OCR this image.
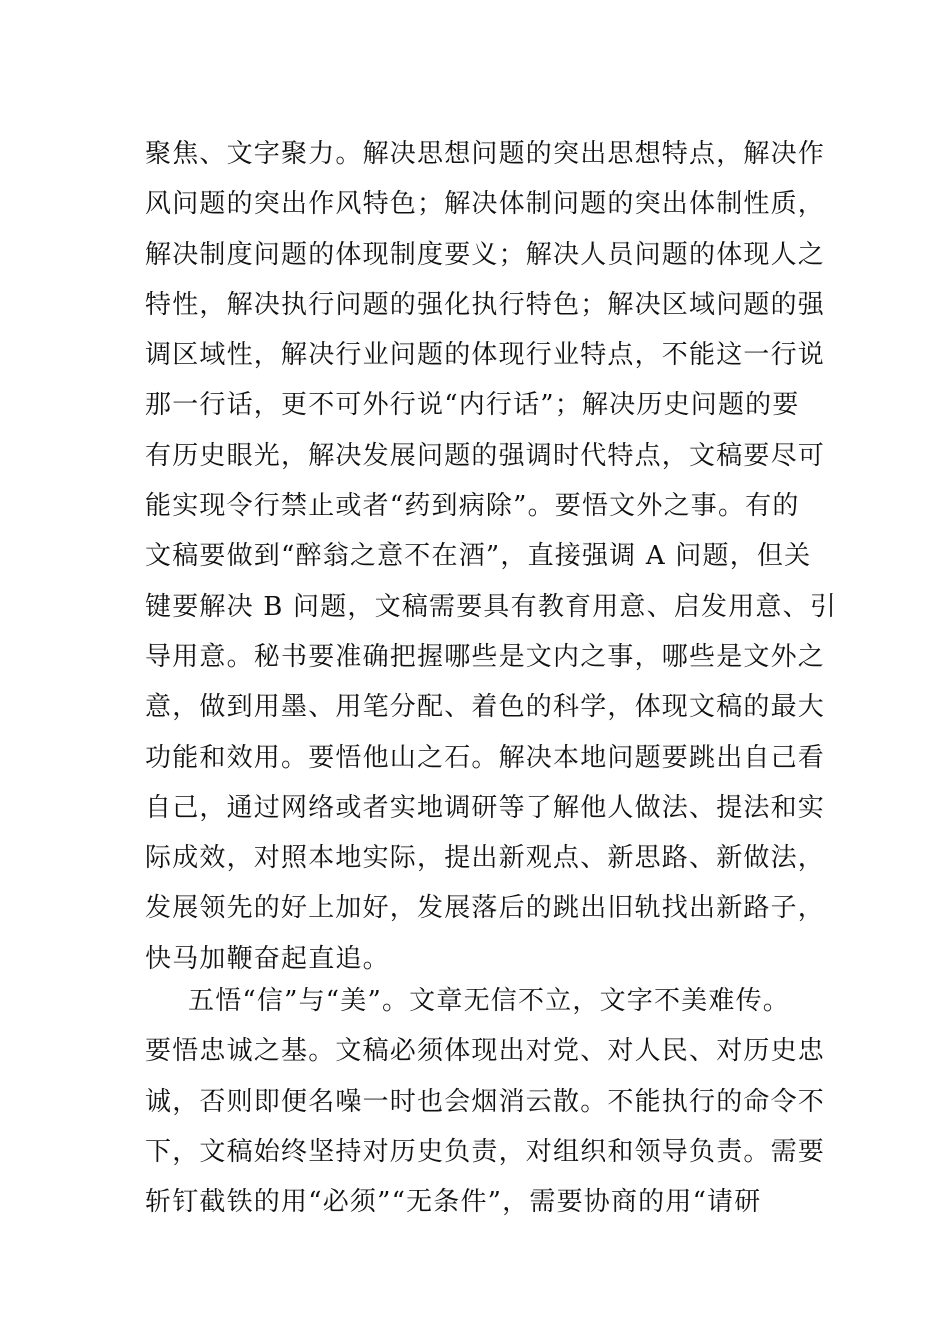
聚焦、文字聚力。解决思想问题的突出思想特点，解决作
风问题的突出作风特色；解决体制问题的突出体制性质，
解决制度问题的体现制度要义；解决人员问题的体现人之
特性，解决执行问题的强化执行特色；解决区域问题的强
调区域性，解决行业问题的体现行业特点，不能这一行说
那一行话，更不可外行说“内行话”；解决历史问题的要
有历史眼光，解决发展问题的强调时代特点，文稿要尽可
能实现令行禁止或者“药到病除”。要悟文外之事。有的
文稿要做到“醉翁之意不在酒”，直接强调 A 问题，但关
键要解决 B 问题，文稿需要具有教育用意、启发用意、引
导用意。秘书要准确把握哪些是文内之事，哪些是文外之
意，做到用墨、用笔分配、着色的科学，体现文稿的最大
功能和效用。要悟他山之石。解决本地问题要跳出自己看
自己，通过网络或者实地调研等了解他人做法、提法和实
际成效，对照本地实际，提出新观点、新思路、新做法，
发展领先的好上加好，发展落后的跳出旧轨找出新路子，
快马加鞭奋起直追。
五悟“信”与“美”。文章无信不立，文字不美难传。
要悟忠诚之基。文稿必须体现出对党、对人民、对历史忠
诚，否则即便名噪一时也会烟消云散。不能执行的命令不
下，文稿始终坚持对历史负责，对组织和领导负责。需要
斩钉截铁的用“必须”“无条件”，需要协商的用“请研
